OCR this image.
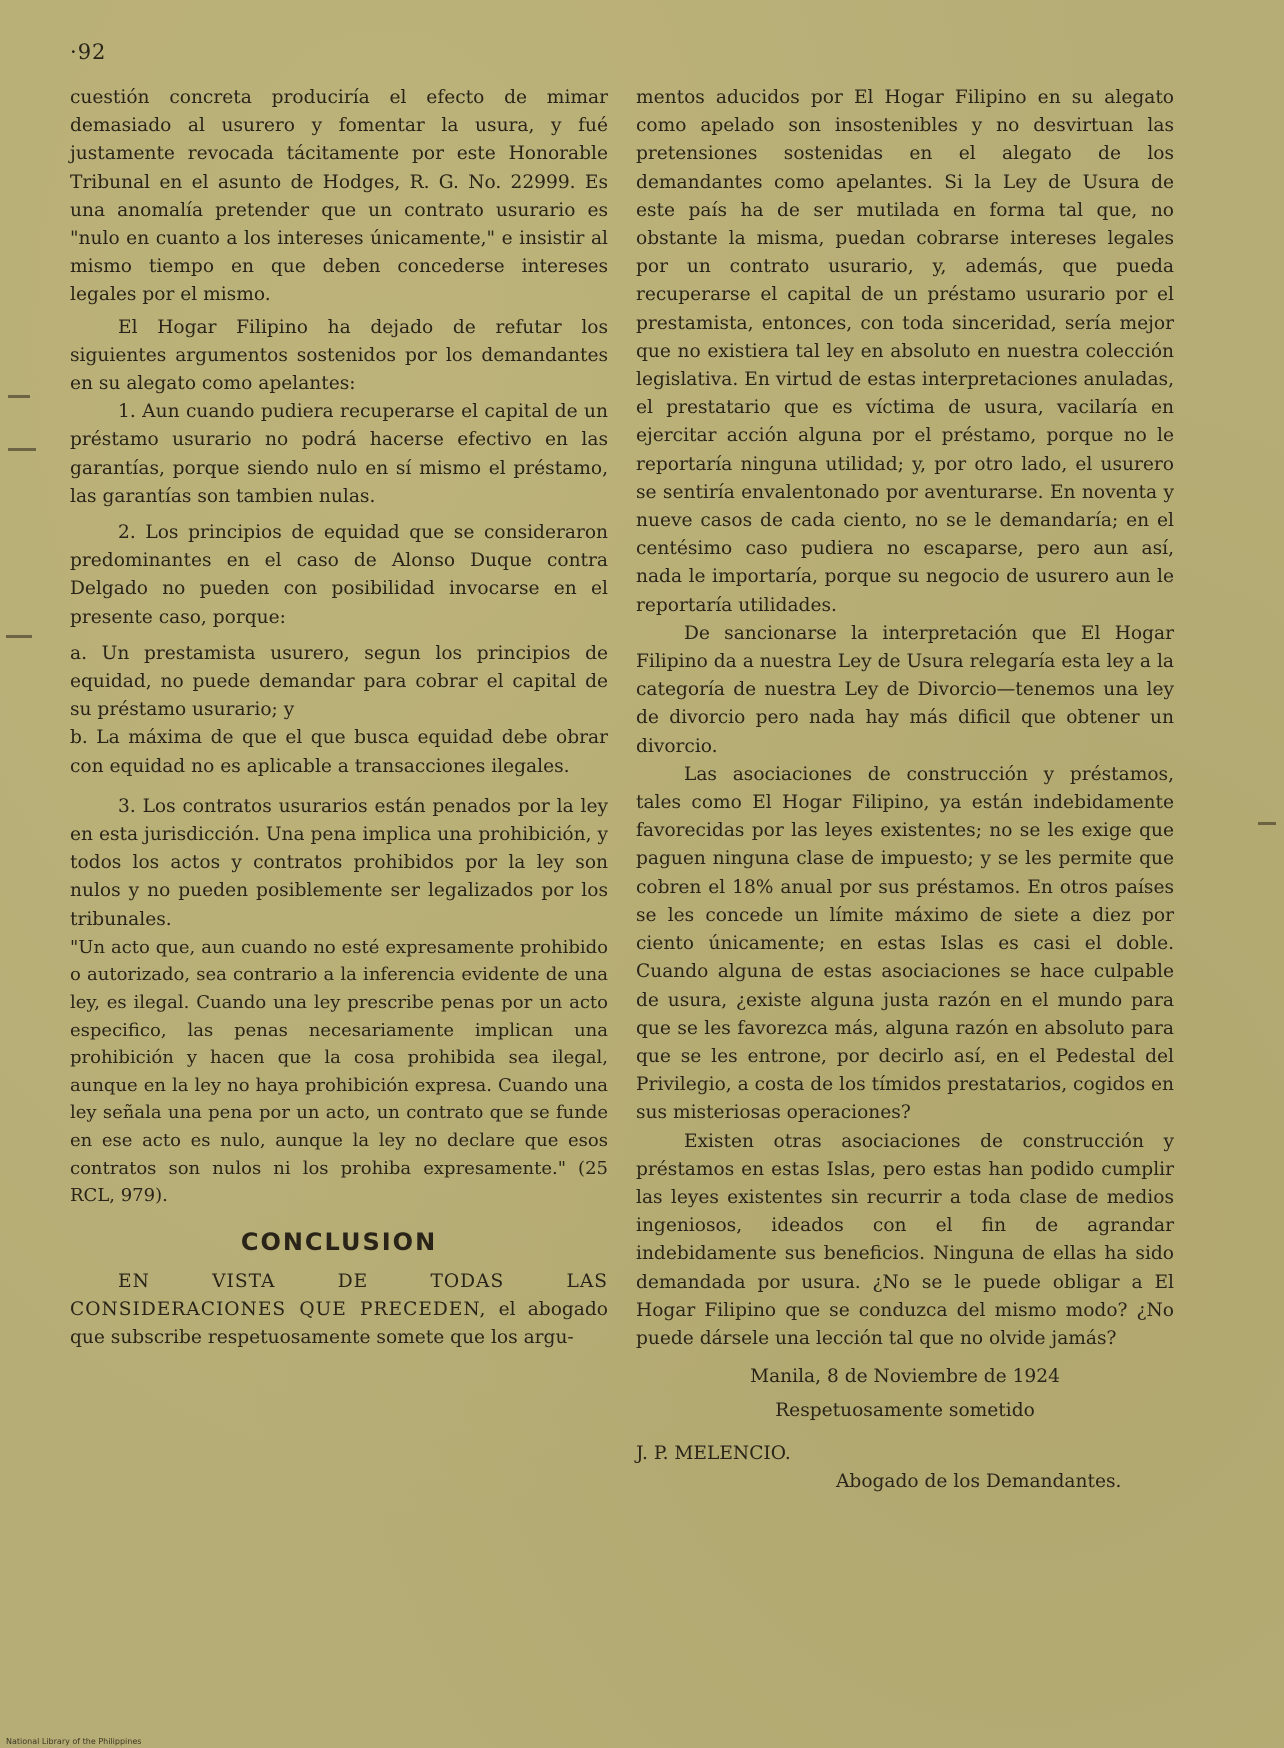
·92

cuestión concreta produciría el efecto de mimar demasiado al usurero y fomentar la usura, y fué justamente revocada tácitamente por este Honorable Tribunal en el asunto de Hodges, R. G. No. 22999. Es una anomalía pretender que un contrato usurario es "nulo en cuanto a los intereses únicamente," e insistir al mismo tiempo en que deben concederse intereses legales por el mismo.

El Hogar Filipino ha dejado de refutar los siguientes argumentos sostenidos por los demandantes en su alegato como apelantes:

1. Aun cuando pudiera recuperarse el capital de un préstamo usurario no podrá hacerse efectivo en las garantías, porque siendo nulo en sí mismo el préstamo, las garantías son tambien nulas.

2. Los principios de equidad que se consideraron predominantes en el caso de Alonso Duque contra Delgado no pueden con posibilidad invocarse en el presente caso, porque:

a. Un prestamista usurero, segun los principios de equidad, no puede demandar para cobrar el capital de su préstamo usurario; y

b. La máxima de que el que busca equidad debe obrar con equidad no es aplicable a transacciones ilegales.

3. Los contratos usurarios están penados por la ley en esta jurisdicción. Una pena implica una prohibición, y todos los actos y contratos prohibidos por la ley son nulos y no pueden posiblemente ser legalizados por los tribunales.

"Un acto que, aun cuando no esté expresamente prohibido o autorizado, sea contrario a la inferencia evidente de una ley, es ilegal. Cuando una ley prescribe penas por un acto especifico, las penas necesariamente implican una prohibición y hacen que la cosa prohibida sea ilegal, aunque en la ley no haya prohibición expresa. Cuando una ley señala una pena por un acto, un contrato que se funde en ese acto es nulo, aunque la ley no declare que esos contratos son nulos ni los prohiba expresamente." (25 RCL, 979).

CONCLUSION

EN VISTA DE TODAS LAS CONSIDERACIONES QUE PRECEDEN, el abogado que subscribe respetuosamente somete que los argu-

mentos aducidos por El Hogar Filipino en su alegato como apelado son insostenibles y no desvirtuan las pretensiones sostenidas en el alegato de los demandantes como apelantes. Si la Ley de Usura de este país ha de ser mutilada en forma tal que, no obstante la misma, puedan cobrarse intereses legales por un contrato usurario, y, además, que pueda recuperarse el capital de un préstamo usurario por el prestamista, entonces, con toda sinceridad, sería mejor que no existiera tal ley en absoluto en nuestra colección legislativa. En virtud de estas interpretaciones anuladas, el prestatario que es víctima de usura, vacilaría en ejercitar acción alguna por el préstamo, porque no le reportaría ninguna utilidad; y, por otro lado, el usurero se sentiría envalentonado por aventurarse. En noventa y nueve casos de cada ciento, no se le demandaría; en el centésimo caso pudiera no escaparse, pero aun así, nada le importaría, porque su negocio de usurero aun le reportaría utilidades.

De sancionarse la interpretación que El Hogar Filipino da a nuestra Ley de Usura relegaría esta ley a la categoría de nuestra Ley de Divorcio—tenemos una ley de divorcio pero nada hay más dificil que obtener un divorcio.

Las asociaciones de construcción y préstamos, tales como El Hogar Filipino, ya están indebidamente favorecidas por las leyes existentes; no se les exige que paguen ninguna clase de impuesto; y se les permite que cobren el 18% anual por sus préstamos. En otros países se les concede un límite máximo de siete a diez por ciento únicamente; en estas Islas es casi el doble. Cuando alguna de estas asociaciones se hace culpable de usura, ¿existe alguna justa razón en el mundo para que se les favorezca más, alguna razón en absoluto para que se les entrone, por decirlo así, en el Pedestal del Privilegio, a costa de los tímidos prestatarios, cogidos en sus misteriosas operaciones?

Existen otras asociaciones de construcción y préstamos en estas Islas, pero estas han podido cumplir las leyes existentes sin recurrir a toda clase de medios ingeniosos, ideados con el fin de agrandar indebidamente sus beneficios. Ninguna de ellas ha sido demandada por usura. ¿No se le puede obligar a El Hogar Filipino que se conduzca del mismo modo? ¿No puede dársele una lección tal que no olvide jamás?

Manila, 8 de Noviembre de 1924

Respetuosamente sometido

J. P. MELENCIO.

Abogado de los Demandantes.

National Library of the Philippines
